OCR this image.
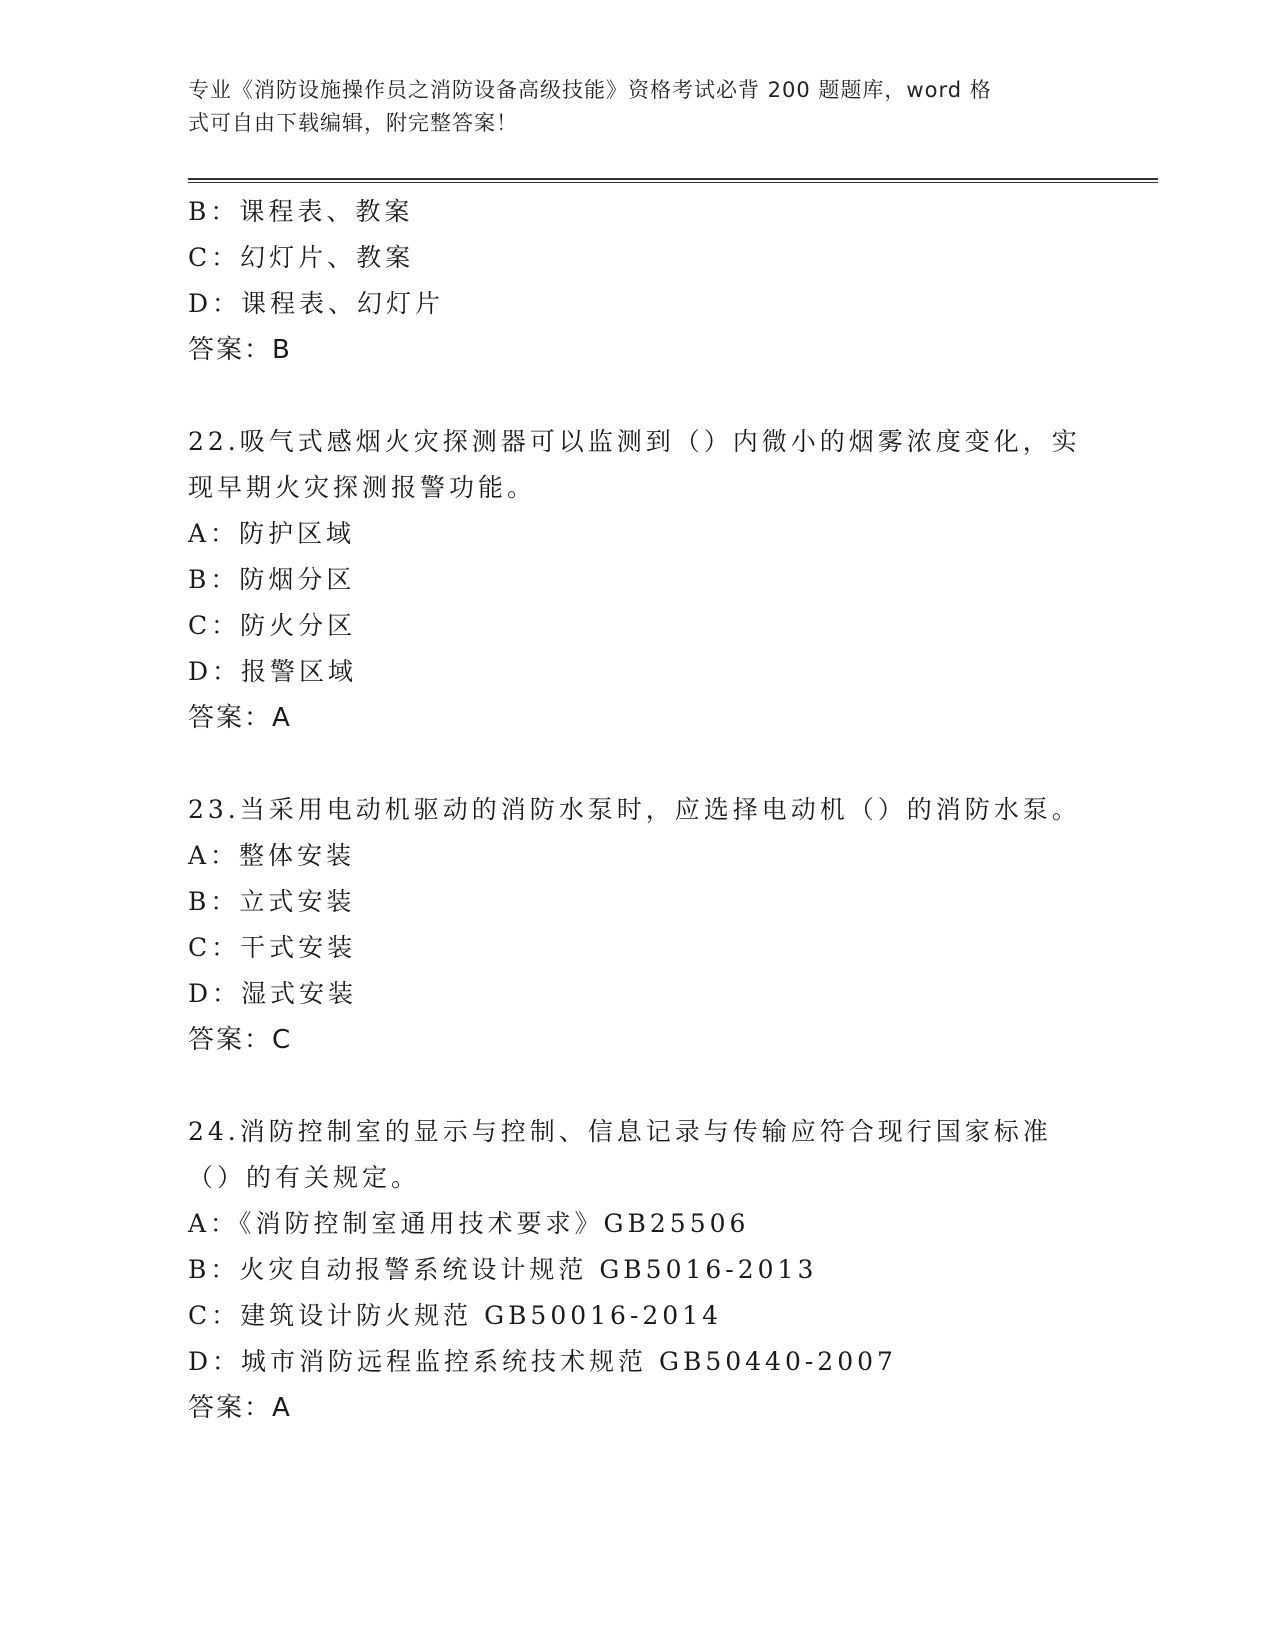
专业《消防设施操作员之消防设备高级技能》资格考试必背 200 题题库，word 格
式可自由下载编辑，附完整答案！
B：课程表、教案
C：幻灯片、教案
D：课程表、幻灯片
答案：B
22.吸气式感烟火灾探测器可以监测到（）内微小的烟雾浓度变化，实现早期火灾探测报警功能。
A：防护区域
B：防烟分区
C：防火分区
D：报警区域
答案：A
23.当采用电动机驱动的消防水泵时，应选择电动机（）的消防水泵。
A：整体安装
B：立式安装
C：干式安装
D：湿式安装
答案：C
24.消防控制室的显示与控制、信息记录与传输应符合现行国家标准（）的有关规定。
A：《消防控制室通用技术要求》GB25506
B：火灾自动报警系统设计规范 GB5016-2013
C：建筑设计防火规范 GB50016-2014
D：城市消防远程监控系统技术规范 GB50440-2007
答案：A
